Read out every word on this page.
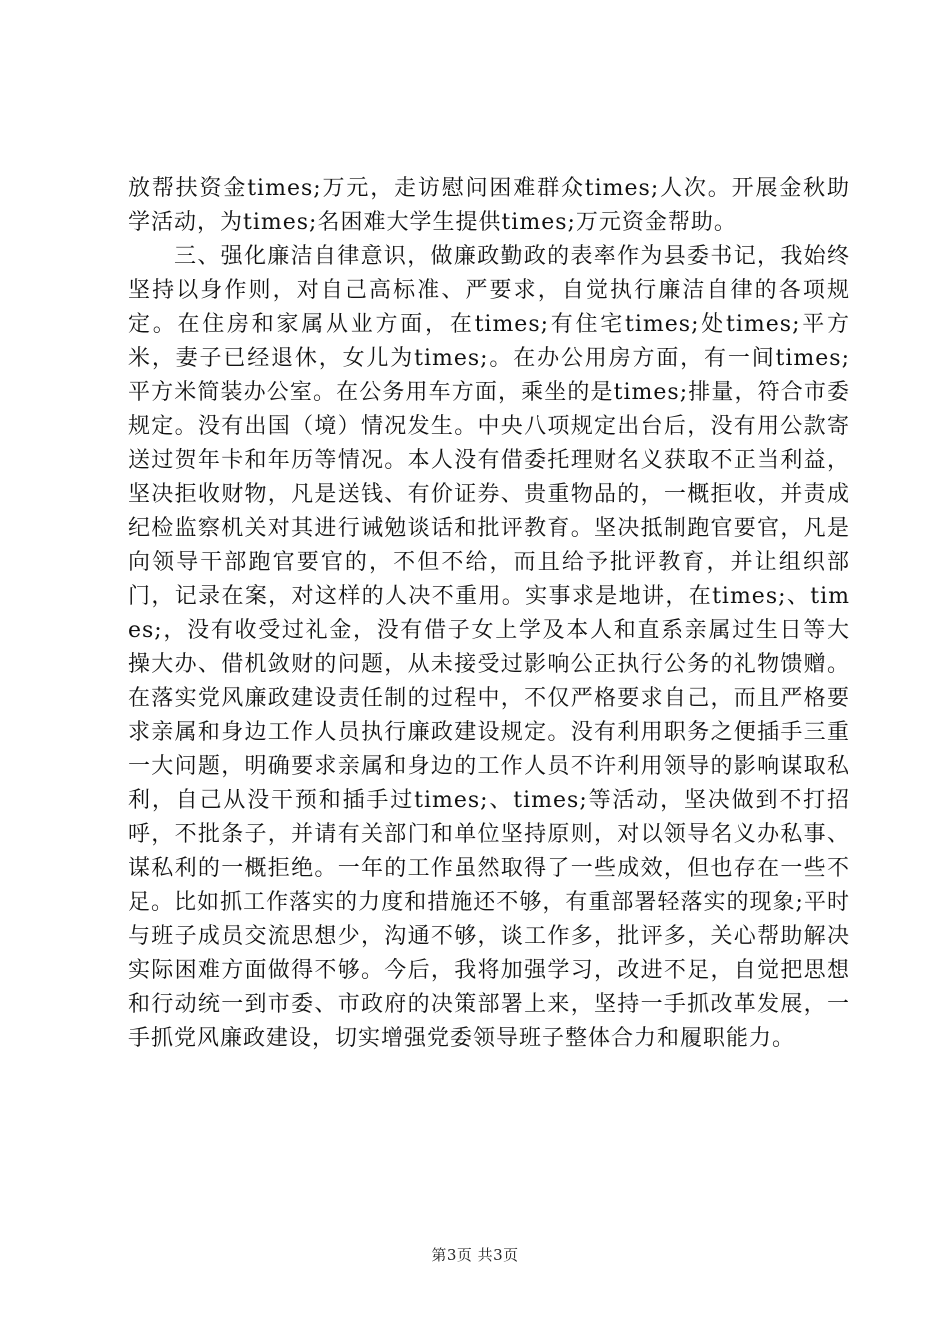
放帮扶资金times;万元，走访慰问困难群众times;人次。开展金秋助学活动，为times;名困难大学生提供times;万元资金帮助。

三、强化廉洁自律意识，做廉政勤政的表率作为县委书记，我始终坚持以身作则，对自己高标准、严要求，自觉执行廉洁自律的各项规定。在住房和家属从业方面，在times;有住宅times;处times;平方米，妻子已经退休，女儿为times;。在办公用房方面，有一间times;平方米简装办公室。在公务用车方面，乘坐的是times;排量，符合市委规定。没有出国（境）情况发生。中央八项规定出台后，没有用公款寄送过贺年卡和年历等情况。本人没有借委托理财名义获取不正当利益，坚决拒收财物，凡是送钱、有价证券、贵重物品的，一概拒收，并责成纪检监察机关对其进行诫勉谈话和批评教育。坚决抵制跑官要官，凡是向领导干部跑官要官的，不但不给，而且给予批评教育，并让组织部门，记录在案，对这样的人决不重用。实事求是地讲，在times;、times;，没有收受过礼金，没有借子女上学及本人和直系亲属过生日等大操大办、借机敛财的问题，从未接受过影响公正执行公务的礼物馈赠。在落实党风廉政建设责任制的过程中，不仅严格要求自己，而且严格要求亲属和身边工作人员执行廉政建设规定。没有利用职务之便插手三重一大问题，明确要求亲属和身边的工作人员不许利用领导的影响谋取私利，自己从没干预和插手过times;、times;等活动，坚决做到不打招呼，不批条子，并请有关部门和单位坚持原则，对以领导名义办私事、谋私利的一概拒绝。一年的工作虽然取得了一些成效，但也存在一些不足。比如抓工作落实的力度和措施还不够，有重部署轻落实的现象;平时与班子成员交流思想少，沟通不够，谈工作多，批评多，关心帮助解决实际困难方面做得不够。今后，我将加强学习，改进不足，自觉把思想和行动统一到市委、市政府的决策部署上来，坚持一手抓改革发展，一手抓党风廉政建设，切实增强党委领导班子整体合力和履职能力。

第3页 共3页
